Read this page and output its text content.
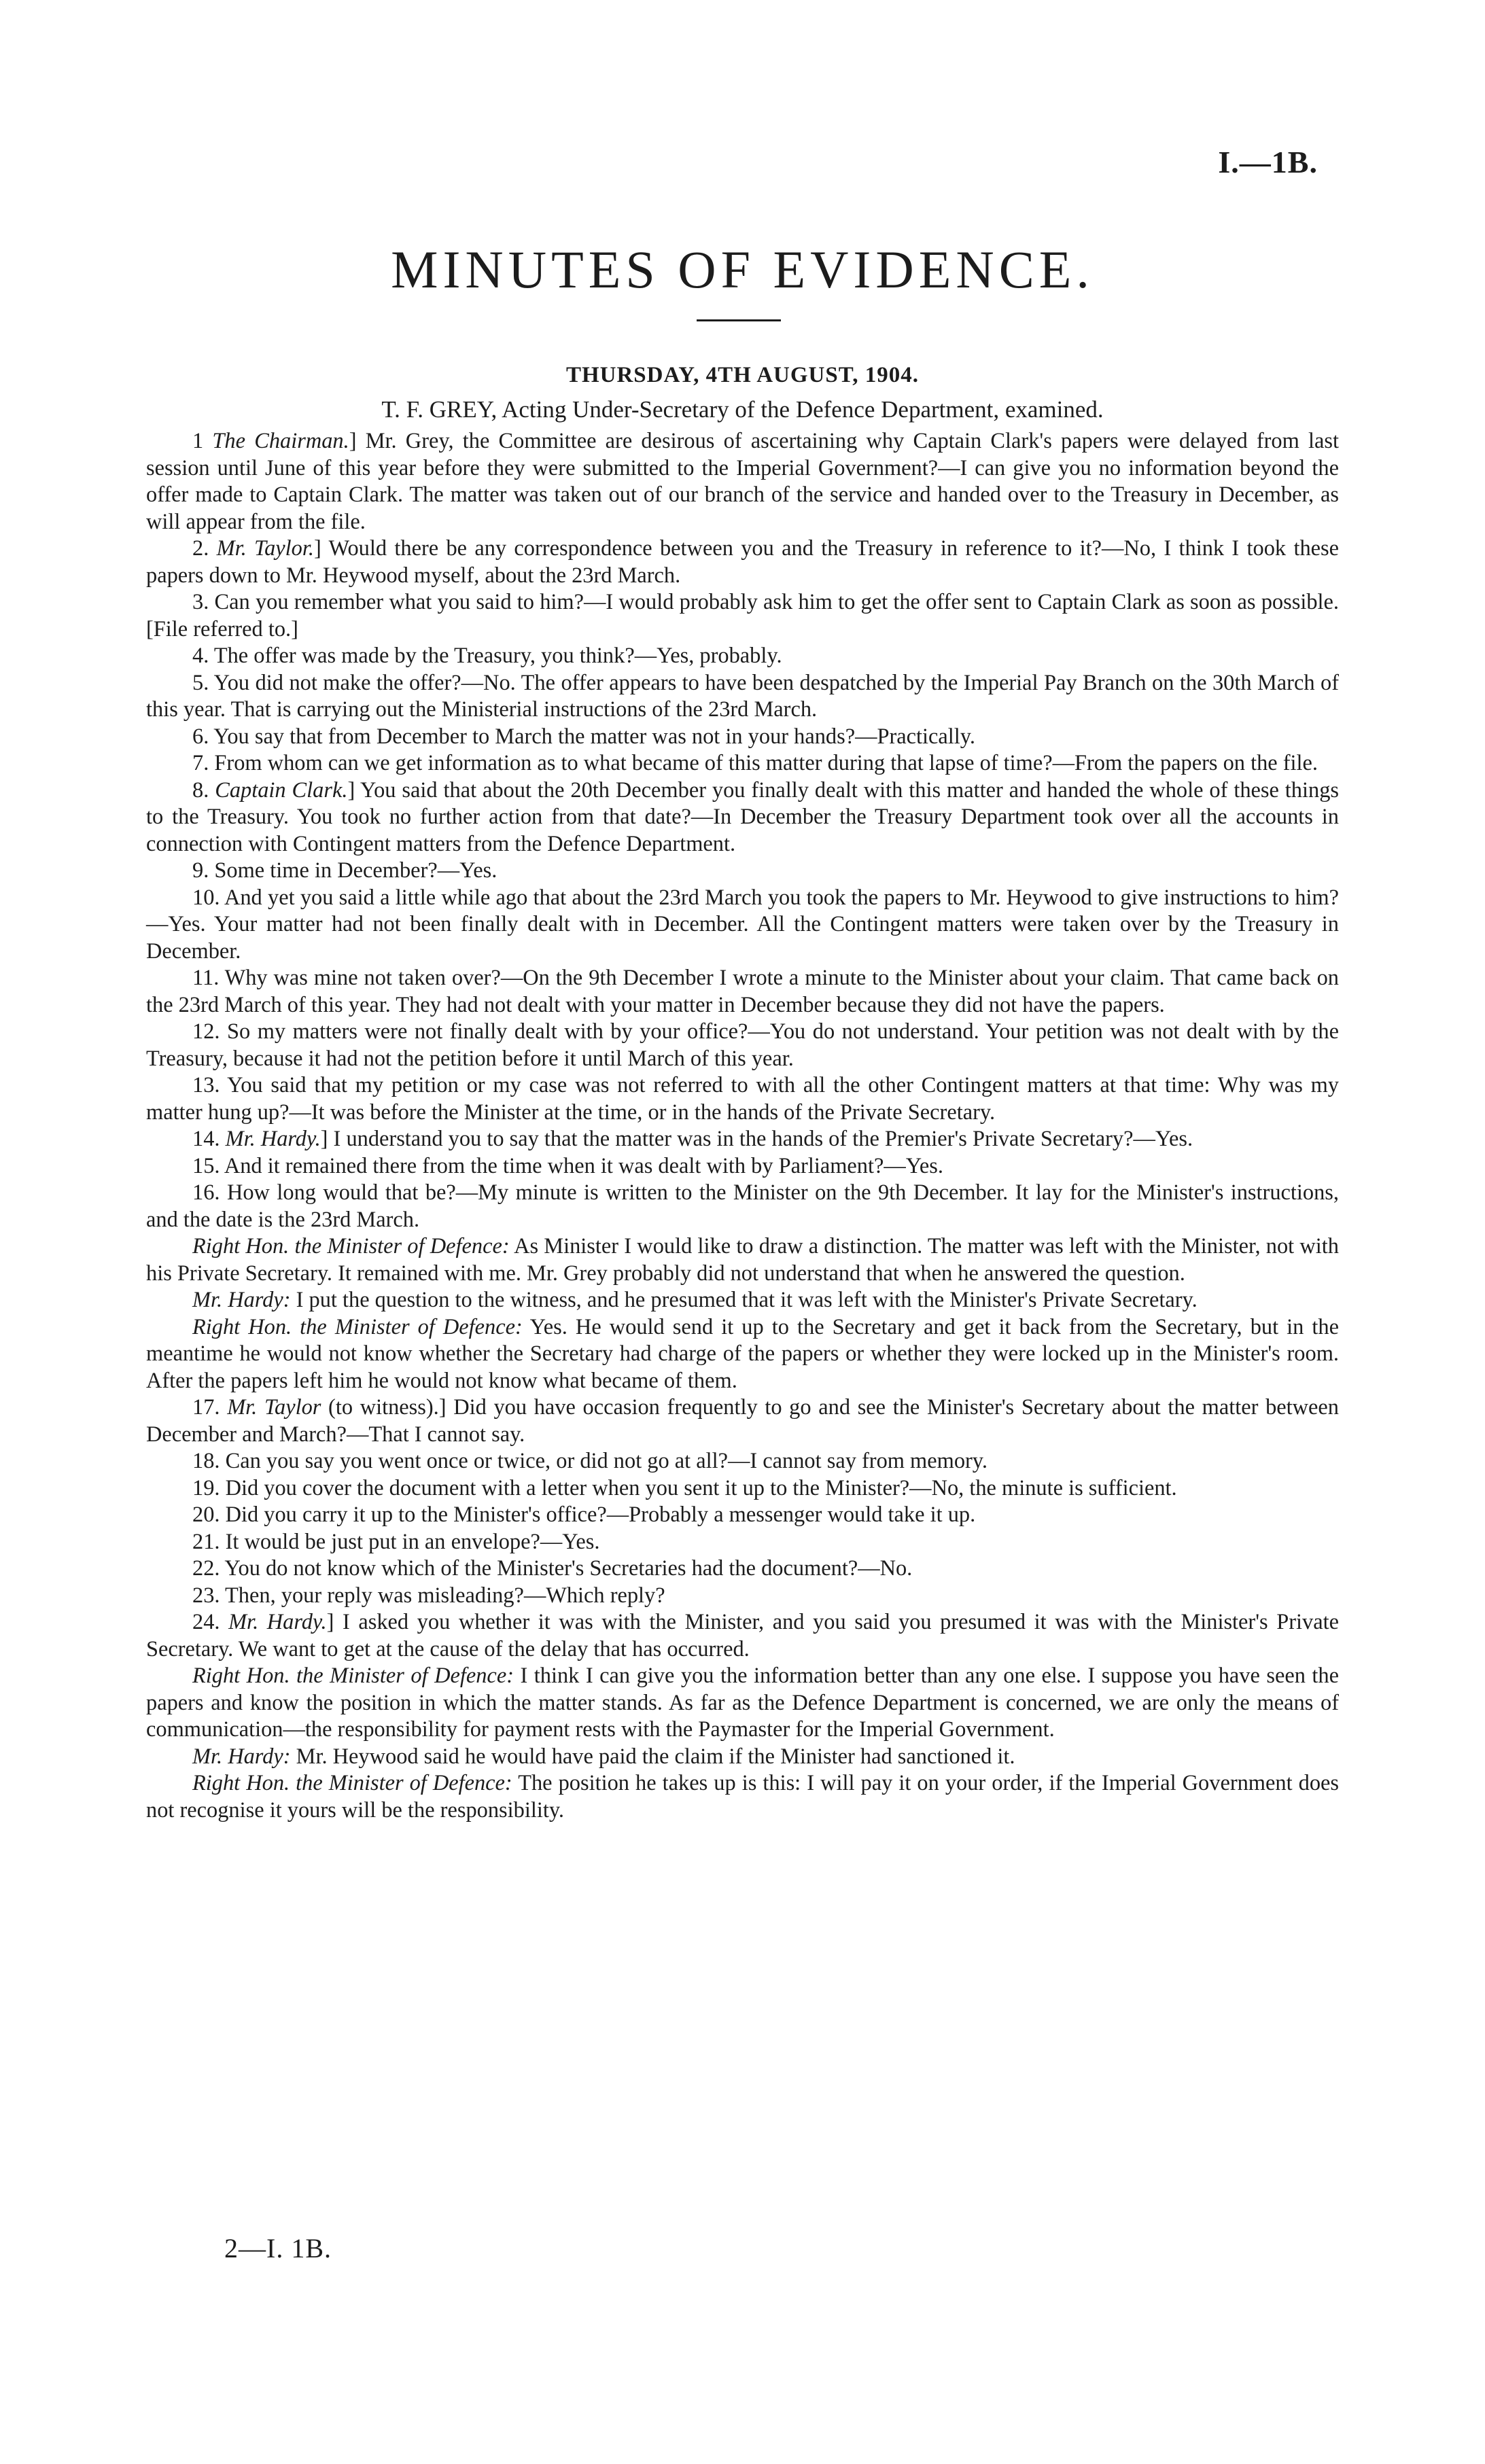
I.—1B.
MINUTES OF EVIDENCE.
THURSDAY, 4TH AUGUST, 1904.
T. F. GREY, Acting Under-Secretary of the Defence Department, examined.

1 The Chairman.] Mr. Grey, the Committee are desirous of ascertaining why Captain Clark's papers were delayed from last session until June of this year before they were submitted to the Imperial Government?—I can give you no information beyond the offer made to Captain Clark. The matter was taken out of our branch of the service and handed over to the Treasury in December, as will appear from the file.

2. Mr. Taylor.] Would there be any correspondence between you and the Treasury in reference to it?—No, I think I took these papers down to Mr. Heywood myself, about the 23rd March.

3. Can you remember what you said to him?—I would probably ask him to get the offer sent to Captain Clark as soon as possible. [File referred to.]

4. The offer was made by the Treasury, you think?—Yes, probably.

5. You did not make the offer?—No. The offer appears to have been despatched by the Imperial Pay Branch on the 30th March of this year. That is carrying out the Ministerial instructions of the 23rd March.

6. You say that from December to March the matter was not in your hands?—Practically.

7. From whom can we get information as to what became of this matter during that lapse of time?—From the papers on the file.

8. Captain Clark.] You said that about the 20th December you finally dealt with this matter and handed the whole of these things to the Treasury. You took no further action from that date?—In December the Treasury Department took over all the accounts in connection with Contingent matters from the Defence Department.

9. Some time in December?—Yes.

10. And yet you said a little while ago that about the 23rd March you took the papers to Mr. Heywood to give instructions to him?—Yes. Your matter had not been finally dealt with in December. All the Contingent matters were taken over by the Treasury in December.

11. Why was mine not taken over?—On the 9th December I wrote a minute to the Minister about your claim. That came back on the 23rd March of this year. They had not dealt with your matter in December because they did not have the papers.

12. So my matters were not finally dealt with by your office?—You do not understand. Your petition was not dealt with by the Treasury, because it had not the petition before it until March of this year.

13. You said that my petition or my case was not referred to with all the other Contingent matters at that time: Why was my matter hung up?—It was before the Minister at the time, or in the hands of the Private Secretary.

14. Mr. Hardy.] I understand you to say that the matter was in the hands of the Premier's Private Secretary?—Yes.

15. And it remained there from the time when it was dealt with by Parliament?—Yes.

16. How long would that be?—My minute is written to the Minister on the 9th December. It lay for the Minister's instructions, and the date is the 23rd March.

Right Hon. the Minister of Defence: As Minister I would like to draw a distinction. The matter was left with the Minister, not with his Private Secretary. It remained with me. Mr. Grey probably did not understand that when he answered the question.

Mr. Hardy: I put the question to the witness, and he presumed that it was left with the Minister's Private Secretary.

Right Hon. the Minister of Defence: Yes. He would send it up to the Secretary and get it back from the Secretary, but in the meantime he would not know whether the Secretary had charge of the papers or whether they were locked up in the Minister's room. After the papers left him he would not know what became of them.

17. Mr. Taylor (to witness).] Did you have occasion frequently to go and see the Minister's Secretary about the matter between December and March?—That I cannot say.

18. Can you say you went once or twice, or did not go at all?—I cannot say from memory.

19. Did you cover the document with a letter when you sent it up to the Minister?—No, the minute is sufficient.

20. Did you carry it up to the Minister's office?—Probably a messenger would take it up.

21. It would be just put in an envelope?—Yes.

22. You do not know which of the Minister's Secretaries had the document?—No.

23. Then, your reply was misleading?—Which reply?

24. Mr. Hardy.] I asked you whether it was with the Minister, and you said you presumed it was with the Minister's Private Secretary. We want to get at the cause of the delay that has occurred.

Right Hon. the Minister of Defence: I think I can give you the information better than any one else. I suppose you have seen the papers and know the position in which the matter stands. As far as the Defence Department is concerned, we are only the means of communication—the responsibility for payment rests with the Paymaster for the Imperial Government.

Mr. Hardy: Mr. Heywood said he would have paid the claim if the Minister had sanctioned it.

Right Hon. the Minister of Defence: The position he takes up is this: I will pay it on your order, if the Imperial Government does not recognise it yours will be the responsibility.

2—I. 1B.
